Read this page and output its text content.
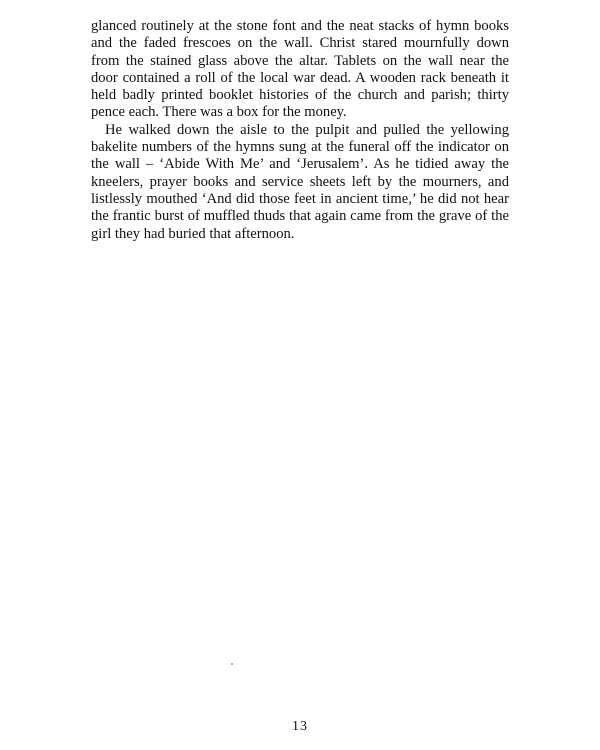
glanced routinely at the stone font and the neat stacks of hymn books
and the faded frescoes on the wall. Christ stared mournfully down
from the stained glass above the altar. Tablets on the wall near the
door contained a roll of the local war dead. A wooden rack beneath it
held badly printed booklet histories of the church and parish; thirty
pence each. There was a box for the money.
He walked down the aisle to the pulpit and pulled the yellowing
bakelite numbers of the hymns sung at the funeral off the indicator on
the wall – ‘Abide With Me’ and ‘Jerusalem’. As he tidied away the
kneelers, prayer books and service sheets left by the mourners, and
listlessly mouthed ‘And did those feet in ancient time,’ he did not hear
the frantic burst of muffled thuds that again came from the grave of the
girl they had buried that afternoon.
13
